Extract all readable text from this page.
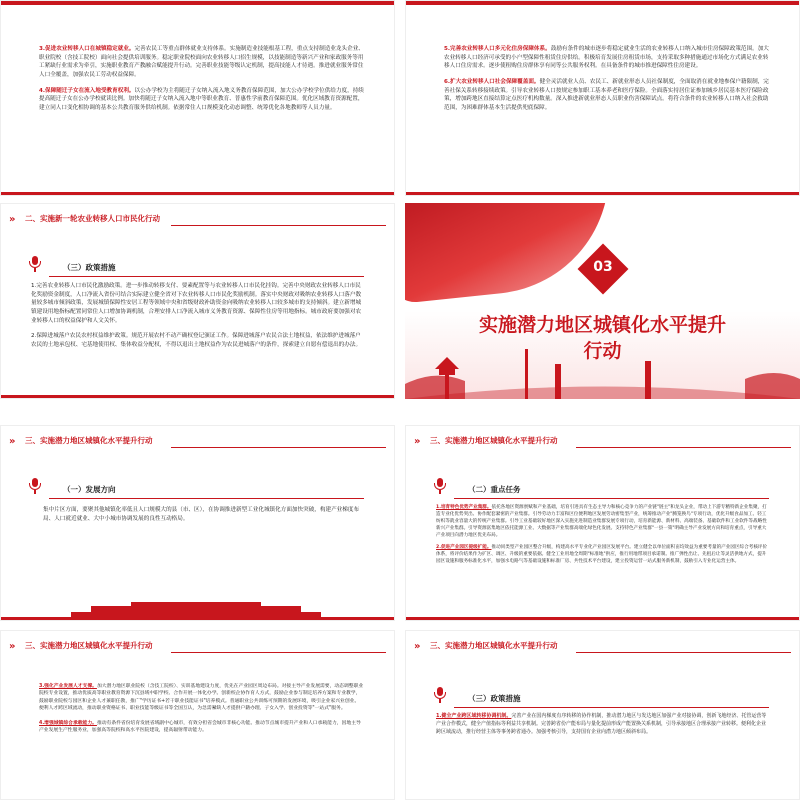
3.促进农业转移人口在城镇稳定就业。完善农民工等重点群体就业支持体系。实施制造业技能根基工程，重点支持制造业龙头企业、职业院校（含技工院校）面向社会提供培训服务。稳定职业院校面向农业转移人口招生规模，以技能制造等新兴产业和家政服务等用工紧缺行业需求为牵引，实施职业教育产教融合赋能提升行动。完善职业技能等级认定机制，提高技能人才待遇。推进就业服务常住人口全覆盖，加强农民工劳动权益保障。

4.保障随迁子女在流入地受教育权利。以公办学校为主将随迁子女纳入流入地义务教育保障范围，加大公办学校学位供给力度，持续提高随迁子女在公办学校就读比例。加快将随迁子女纳入流入地中等职业教育、普惠性学前教育保障范围。优化区域教育资源配置，建立同人口变化相协调的基本公共教育服务供给机制。依据常住人口规模变化动态调整、统筹优化各地教师等人员力量。

5.完善农业转移人口多元化住房保障体系。鼓励有条件的城市逐步将稳定就业生活的农业转移人口纳入城市住房保障政策范围。加大农业转移人口经济可承受的小户型保障性租赁住房供给。积极培育发展住房租赁市场，支持采取多种措施通过市场化方式满足农业转移人口住房需求。逐步使租购住房群体享有同等公共服务权利。在具备条件的城市推进保障性住房建设。

6.扩大农业转移人口社会保障覆盖面。健全灵活就业人员、农民工、新就业形态人员社保制度，全面取消在就业地参保户籍限制，完善社保关系转移接续政策。引导农业转移人口按规定参加职工基本养老和医疗保险。全面落实持居住证参加城乡居民基本医疗保险政策，增加跨地区直接结算定点医疗机构数量。深入推进新就业形态人员职业伤害保障试点。将符合条件的农业转移人口纳入社会救助范围，为困难群体基本生活提供兜底保障。

» 二、实施新一轮农业转移人口市民化行动
（三）政策措施

1.完善农业转移人口市民化激励政策。进一步推动转移支付、要素配置等与农业转移人口市民化挂钩。完善中央财政农业转移人口市民化奖励资金制度，人口净流入省份可结合实际建立健全省对下农业转移人口市民化奖励机制。落实中央财政对吸纳农业转移人口落户数量较多城市倾斜政策，发展城镇保障性安居工程等领域中央和省级财政补助资金向吸纳农业转移人口较多城市的支持倾斜。建立新增城镇建设用地指标配置同常住人口增加协调机制，合理安排人口净流入城市义务教育资源、保障性住房等用地指标。城市政府要加强对农业转移人口的权益保护和人文关怀。

2.保障进城落户农民农村权益维护政策。规范开展农村不动产确权登记颁证工作。保障进城落户农民合法土地权益，依法维护进城落户农民的土地承包权、宅基地使用权、集体收益分配权，不得以退出土地权益作为农民进城落户的条件，探索建立自愿有偿退出的办法。

03
实施潜力地区城镇化水平提升
行动
» 三、实施潜力地区城镇化水平提升行动
（一）发展方向

集中片区方面，要聚其他城镇化率低且人口规模大的县（市、区），在协调推进新型工业化城镇化方面加快突破，构建产业梯度布局、人口就近就业、大中小城市协调发展的良性互动格局。

» 三、实施潜力地区城镇化水平提升行动
（二）重点任务

1.培育特色优势产业集群。依托各地区资源禀赋和产业基础，培育引进具有生态主导力和核心竞争力的产业链"链主"和龙头企业，带动上下游专精特新企业集聚，打造专业化优势突出、协作配套紧密的产业集群。引导劳动力丰富和区位便利地区发展劳动密集型产业，统筹推动产业"腾笼换鸟"专项行动，优化升级食品加工、轻工纺织等就业容量大的传统产业集群。引导工业基础较好地区深入实施先进制造业集群发展专项行动，培育新能源、新材料、高端装备、基础软件和工业软件等战略性新兴产业集群。引导资源富集地区依托能源工业、大数据等产业集群高端化绿色化发展。支持特色产业集群"一县一策"明确主导产业发展方向和培育重点，引导重大产业项目向潜力地区优先布局。

2.促进产业园区提级扩能。推动同类型产业园区整合升级，构建高水平专业化产业园区发展平台。建立健全以单位面积亩均效益为重要考量的产业园区综合考核评价体系，将评价结果作为扩区、调区、升级的重要依据。健全工业用地全周期"标准地"供应，推行用地带项目承诺制。推广弹性出让、先租后让等灵活供地方式，提升园区设施和服务标准化水平，加强水电路气等基础设施和标准厂房、共性技术平台建设，建立投资运营一站式服务新机制，鼓励引入专业化运营主体。

» 三、实施潜力地区城镇化水平提升行动

3.强化产业发展人才支撑。加大潜力地区职业院校（含技工院校）、实训基地建设力度，优先在产业园区周边布局。对接主导产业发展需要，动态调整职业院校专业设置，推动优质高等职业教育资源下沉县域中职学校、合作开展一体化办学。创新校企协作育人方式，鼓励企业参与制定培养方案和专业教学，鼓励职业院校与园区和企业人才兼职任教，推广"学历证书+若干职业技能证书"培养模式。普通职业公共训练可预期的发展环境，吸引企业家兴业创业。便利人才跨区域流动，推动职业资格证书、职业技能等级证书等全国互认，为急需紧缺人才提供户籍办理、子女入学、创业投资等"一站式"服务。

4.增强城镇综合承载能力。推动有条件省份培育发展省域副中心城市，有效分担省会城市非核心功能。推动节点城市提升产业和人口承载能力，因地主导产业发展生产性服务业，加强高等院校和高水平医院建设，提高辐射带动能力。

» 三、实施潜力地区城镇化水平提升行动
（三）政策措施

1.健全产业跨区域转移协调机制。完善产业在国内梯度有序转移的协作机制，推动潜力地区与发达地区加强产业对接协调，创新飞地经济、托管运营等产业合作模式，健全产值指标等利益共享机制。完善跨省份产能布局与量化提前形成产能置换关系机制，引导承接地区合理承接产业转移。便利化企业跨区域流动，推行经营主体等事务跨省通办。加强考核引导，支持国有企业向潜力地区倾斜布局。
